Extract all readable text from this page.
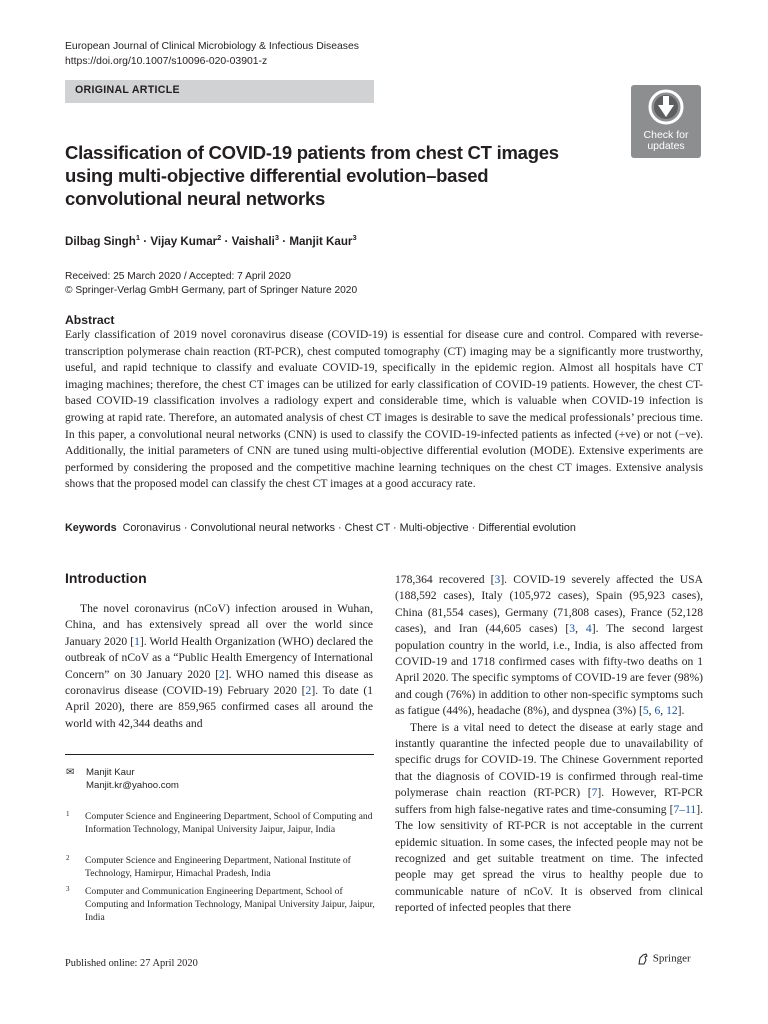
European Journal of Clinical Microbiology & Infectious Diseases
https://doi.org/10.1007/s10096-020-03901-z
ORIGINAL ARTICLE
Check for
updates
Classification of COVID-19 patients from chest CT images using multi-objective differential evolution–based convolutional neural networks
Dilbag Singh$^1$ · Vijay Kumar$^2$ · Vaishali$^3$ · Manjit Kaur$^3$
Received: 25 March 2020 / Accepted: 7 April 2020
© Springer-Verlag GmbH Germany, part of Springer Nature 2020
Abstract
Early classification of 2019 novel coronavirus disease (COVID-19) is essential for disease cure and control. Compared with reverse-transcription polymerase chain reaction (RT-PCR), chest computed tomography (CT) imaging may be a significantly more trustworthy, useful, and rapid technique to classify and evaluate COVID-19, specifically in the epidemic region. Almost all hospitals have CT imaging machines; therefore, the chest CT images can be utilized for early classification of COVID-19 patients. However, the chest CT-based COVID-19 classification involves a radiology expert and considerable time, which is valuable when COVID-19 infection is growing at rapid rate. Therefore, an automated analysis of chest CT images is desirable to save the medical professionals’ precious time. In this paper, a convolutional neural networks (CNN) is used to classify the COVID-19-infected patients as infected (+ve) or not (−ve). Additionally, the initial parameters of CNN are tuned using multi-objective differential evolution (MODE). Extensive experiments are performed by considering the proposed and the competitive machine learning techniques on the chest CT images. Extensive analysis shows that the proposed model can classify the chest CT images at a good accuracy rate.
Keywords Coronavirus · Convolutional neural networks · Chest CT · Multi-objective · Differential evolution
Introduction

The novel coronavirus (nCoV) infection aroused in Wuhan, China, and has extensively spread all over the world since January 2020 [1]. World Health Organization (WHO) declared the outbreak of nCoV as a “Public Health Emergency of International Concern” on 30 January 2020 [2]. WHO named this disease as coronavirus disease (COVID-19) February 2020 [2]. To date (1 April 2020), there are 859,965 confirmed cases all around the world with 42,344 deaths and

178,364 recovered [3]. COVID-19 severely affected the USA (188,592 cases), Italy (105,972 cases), Spain (95,923 cases), China (81,554 cases), Germany (71,808 cases), France (52,128 cases), and Iran (44,605 cases) [3, 4]. The second largest population country in the world, i.e., India, is also affected from COVID-19 and 1718 confirmed cases with fifty-two deaths on 1 April 2020. The specific symptoms of COVID-19 are fever (98%) and cough (76%) in addition to other non-specific symptoms such as fatigue (44%), headache (8%), and dyspnea (3%) [5, 6, 12].

There is a vital need to detect the disease at early stage and instantly quarantine the infected people due to unavailability of specific drugs for COVID-19. The Chinese Government reported that the diagnosis of COVID-19 is confirmed through real-time polymerase chain reaction (RT-PCR) [7]. However, RT-PCR suffers from high false-negative rates and time-consuming [7–11]. The low sensitivity of RT-PCR is not acceptable in the current epidemic situation. In some cases, the infected people may not be recognized and get suitable treatment on time. The infected people may get spread the virus to healthy people due to communicable nature of nCoV. It is observed from clinical reported of infected peoples that there

✉ Manjit Kaur
Manjit.kr@yahoo.com
1 Computer Science and Engineering Department, School of Computing and Information Technology, Manipal University Jaipur, Jaipur, India
2 Computer Science and Engineering Department, National Institute of Technology, Hamirpur, Himachal Pradesh, India
3 Computer and Communication Engineering Department, School of Computing and Information Technology, Manipal University Jaipur, Jaipur, India
Published online: 27 April 2020	Springer
